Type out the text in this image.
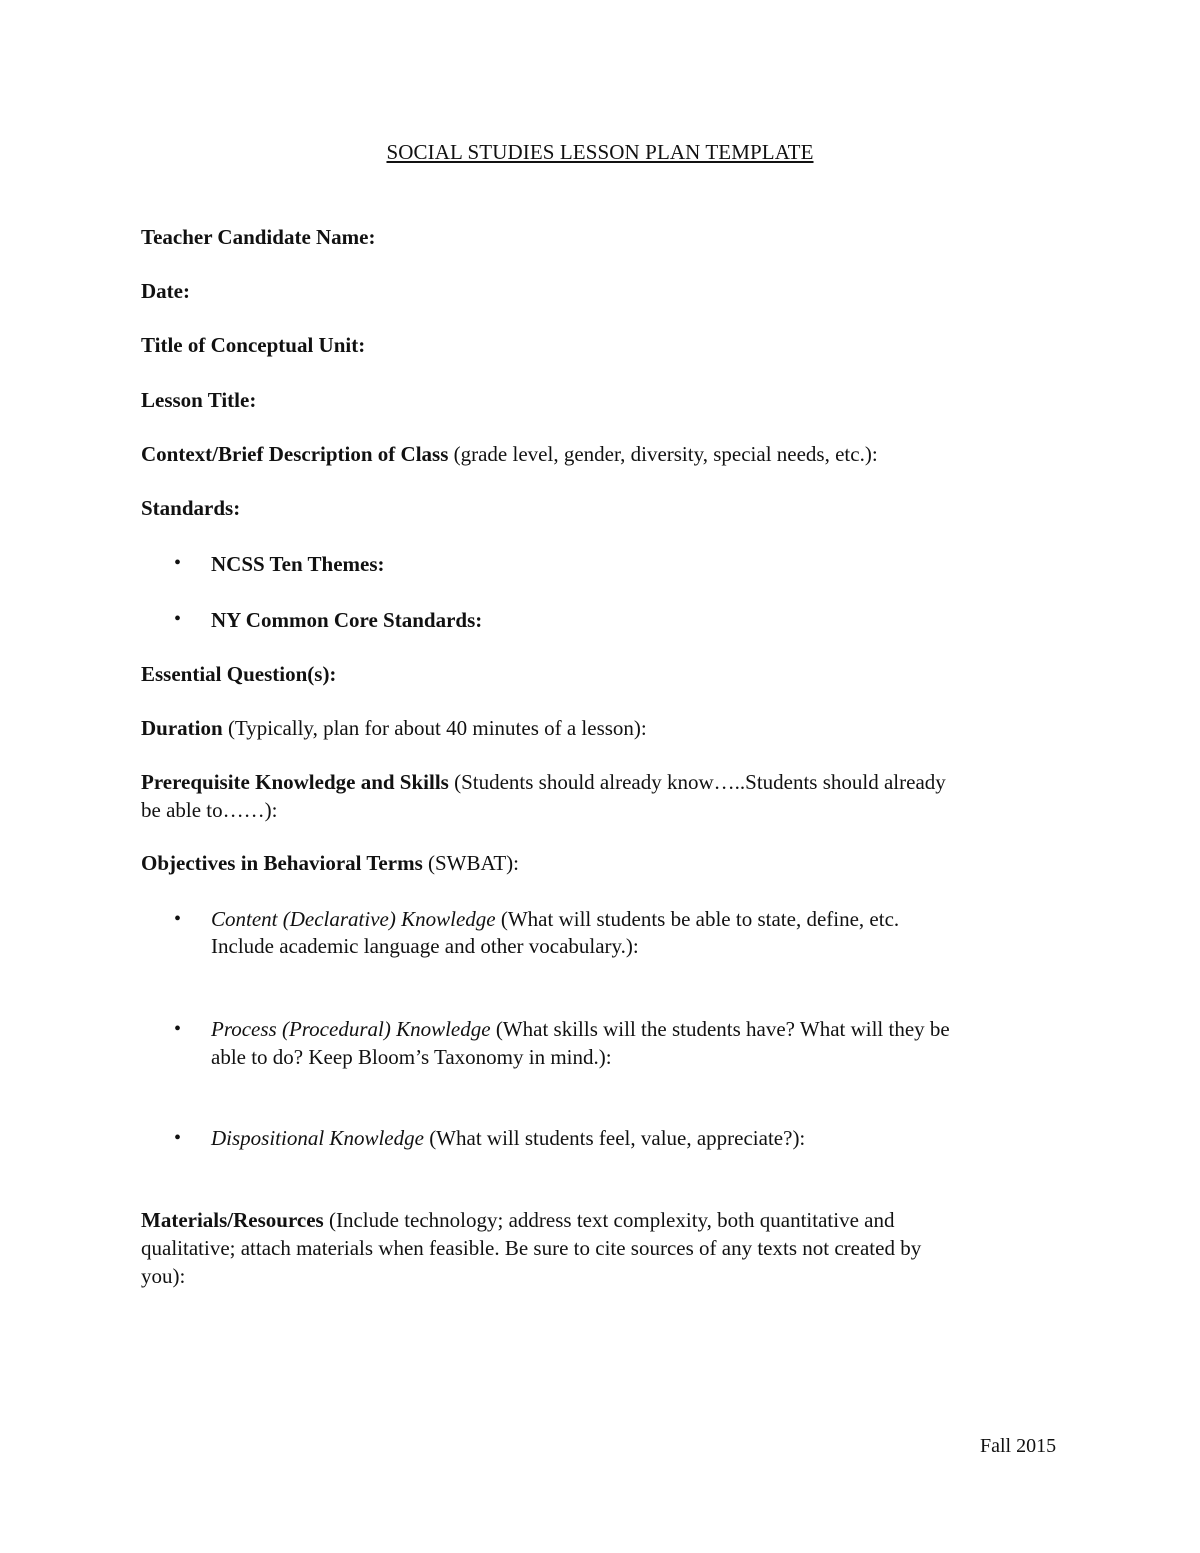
SOCIAL STUDIES LESSON PLAN TEMPLATE

Teacher Candidate Name:

Date:

Title of Conceptual Unit:

Lesson Title:

Context/Brief Description of Class (grade level, gender, diversity, special needs, etc.):

Standards:

• NCSS Ten Themes:

• NY Common Core Standards:

Essential Question(s):

Duration (Typically, plan for about 40 minutes of a lesson):

Prerequisite Knowledge and Skills (Students should already know…..Students should already

be able to……):

Objectives in Behavioral Terms (SWBAT):

• Content (Declarative) Knowledge (What will students be able to state, define, etc.

Include academic language and other vocabulary.):

• Process (Procedural) Knowledge (What skills will the students have? What will they be

able to do? Keep Bloom’s Taxonomy in mind.):

• Dispositional Knowledge (What will students feel, value, appreciate?):

Materials/Resources (Include technology; address text complexity, both quantitative and

qualitative; attach materials when feasible. Be sure to cite sources of any texts not created by

you):

Fall 2015
